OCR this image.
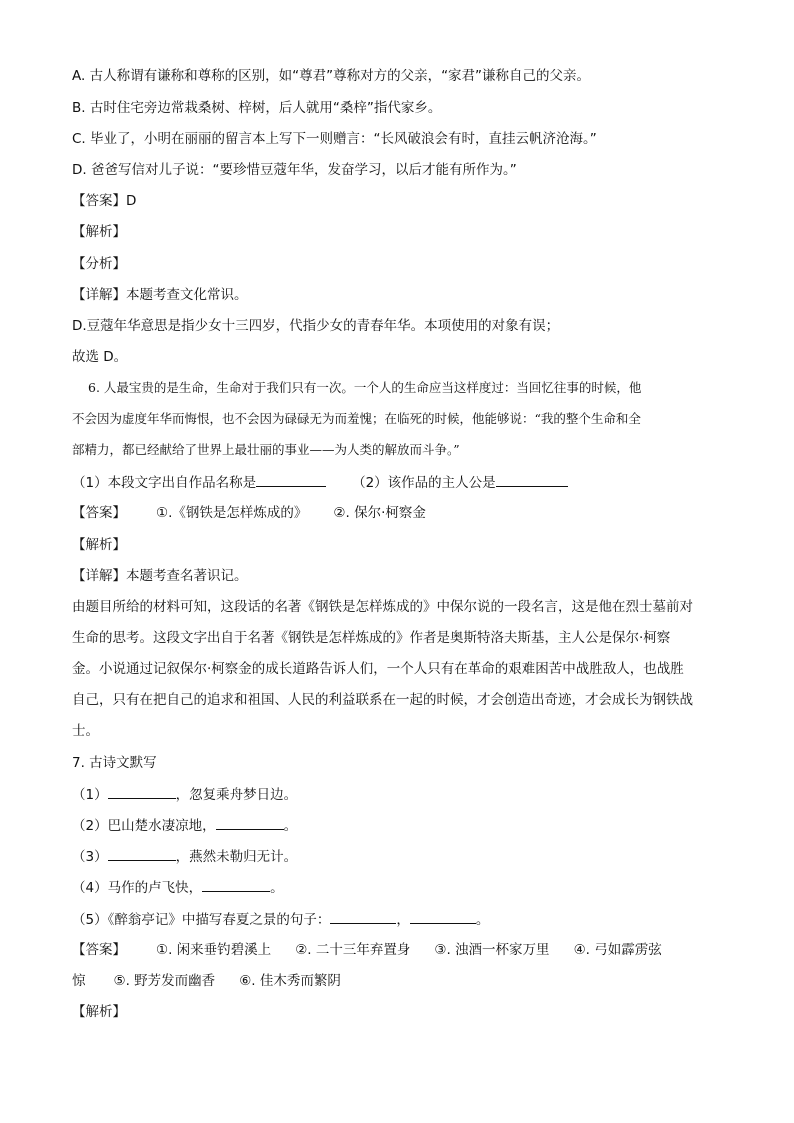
A. 古人称谓有谦称和尊称的区别，如“尊君”尊称对方的父亲，“家君”谦称自己的父亲。
B. 古时住宅旁边常栽桑树、梓树，后人就用“桑梓”指代家乡。
C. 毕业了，小明在丽丽的留言本上写下一则赠言：“长风破浪会有时，直挂云帆济沧海。”
D. 爸爸写信对儿子说：“要珍惜豆蔻年华，发奋学习，以后才能有所作为。”
【答案】D
【解析】
【分析】
【详解】本题考查文化常识。
D.豆蔻年华意思是指少女十三四岁，代指少女的青春年华。本项使用的对象有误；
故选 D。
6. 人最宝贵的是生命，生命对于我们只有一次。一个人的生命应当这样度过：当回忆往事的时候，他
不会因为虚度年华而悔恨，也不会因为碌碌无为而羞愧；在临死的时候，他能够说：“我的整个生命和全
部精力，都已经献给了世界上最壮丽的事业——为人类的解放而斗争。”
（1）本段文字出自作品名称是	（2）该作品的主人公是
【答案】 ①.《钢铁是怎样炼成的》 ②. 保尔·柯察金
【解析】
【详解】本题考查名著识记。
由题目所给的材料可知，这段话的名著《钢铁是怎样炼成的》中保尔说的一段名言，这是他在烈士墓前对
生命的思考。这段文字出自于名著《钢铁是怎样炼成的》作者是奥斯特洛夫斯基，主人公是保尔·柯察
金。小说通过记叙保尔·柯察金的成长道路告诉人们，一个人只有在革命的艰难困苦中战胜敌人，也战胜
自己，只有在把自己的追求和祖国、人民的利益联系在一起的时候，才会创造出奇迹，才会成长为钢铁战
士。
7. 古诗文默写
（1）	，忽复乘舟梦日边。
（2）巴山楚水凄凉地，	。
（3）	，燕然未勒归无计。
（4）马作的卢飞快，	。
（5）《醉翁亭记》中描写春夏之景的句子：	，	。
【答案】 ①. 闲来垂钓碧溪上 ②. 二十三年弃置身 ③. 浊酒一杯家万里 ④. 弓如霹雳弦
惊 ⑤. 野芳发而幽香 ⑥. 佳木秀而繁阴
【解析】
